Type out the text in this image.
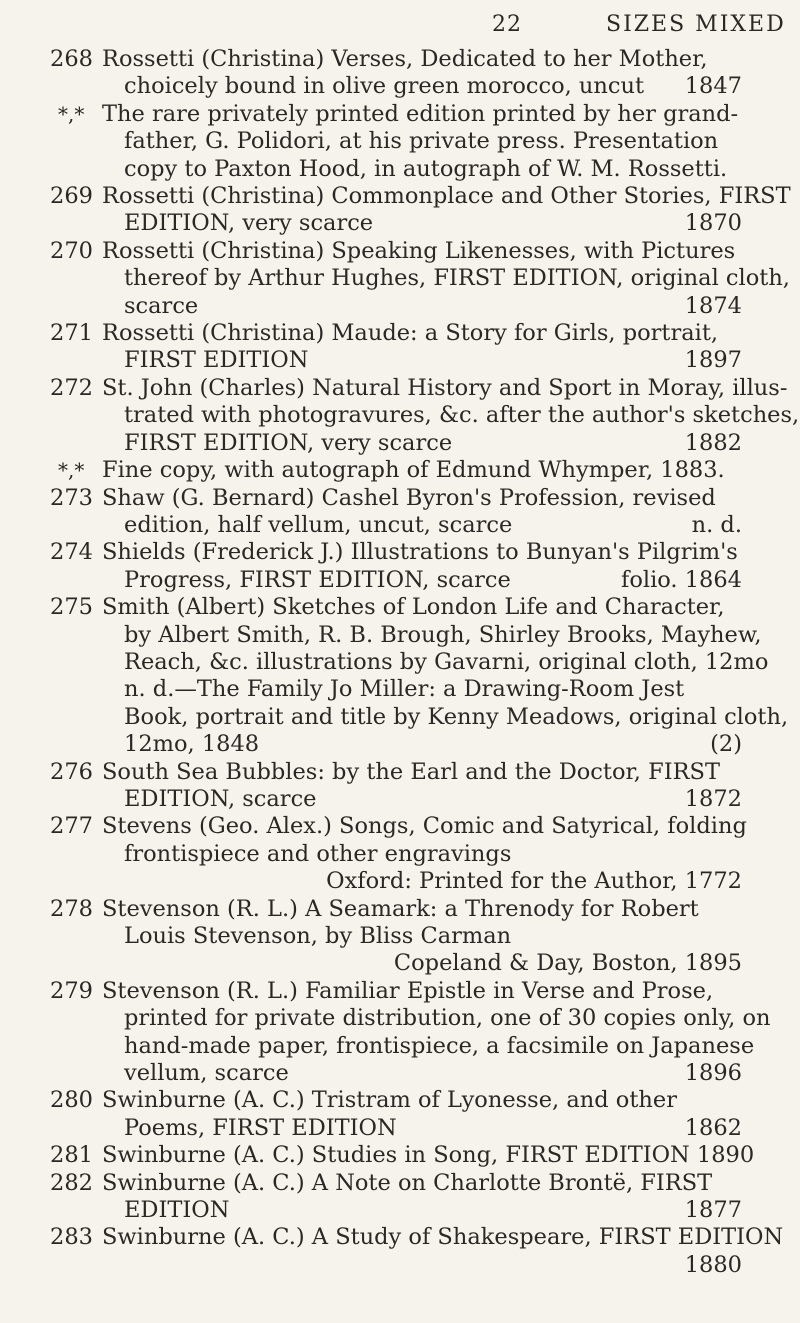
22	SIZES MIXED
268 Rossetti (Christina) Verses, Dedicated to her Mother,
choicely bound in olive green morocco, uncut 1847
*,* The rare privately printed edition printed by her grand-
father, G. Polidori, at his private press. Presentation
copy to Paxton Hood, in autograph of W. M. Rossetti.
269 Rossetti (Christina) Commonplace and Other Stories, FIRST
EDITION, very scarce	1870
270 Rossetti (Christina) Speaking Likenesses, with Pictures
thereof by Arthur Hughes, FIRST EDITION, original cloth,
scarce	1874
271 Rossetti (Christina) Maude: a Story for Girls, portrait,
FIRST EDITION	1897
272 St. John (Charles) Natural History and Sport in Moray, illus-
trated with photogravures, &c. after the author's sketches,
FIRST EDITION, very scarce	1882
*,* Fine copy, with autograph of Edmund Whymper, 1883.
273 Shaw (G. Bernard) Cashel Byron's Profession, revised
edition, half vellum, uncut, scarce	n. d.
274 Shields (Frederick J.) Illustrations to Bunyan's Pilgrim's
Progress, FIRST EDITION, scarce	folio. 1864
275 Smith (Albert) Sketches of London Life and Character,
by Albert Smith, R. B. Brough, Shirley Brooks, Mayhew,
Reach, &c. illustrations by Gavarni, original cloth, 12mo
n. d.—The Family Jo Miller: a Drawing-Room Jest
Book, portrait and title by Kenny Meadows, original cloth,
12mo, 1848	(2)
276 South Sea Bubbles: by the Earl and the Doctor, FIRST
EDITION, scarce	1872
277 Stevens (Geo. Alex.) Songs, Comic and Satyrical, folding
frontispiece and other engravings
Oxford: Printed for the Author, 1772
278 Stevenson (R. L.) A Seamark: a Threnody for Robert
Louis Stevenson, by Bliss Carman
Copeland & Day, Boston, 1895
279 Stevenson (R. L.) Familiar Epistle in Verse and Prose,
printed for private distribution, one of 30 copies only, on
hand-made paper, frontispiece, a facsimile on Japanese
vellum, scarce	1896
280 Swinburne (A. C.) Tristram of Lyonesse, and other
Poems, FIRST EDITION	1862
281 Swinburne (A. C.) Studies in Song, FIRST EDITION 1890
282 Swinburne (A. C.) A Note on Charlotte Brontë, FIRST
EDITION	1877
283 Swinburne (A. C.) A Study of Shakespeare, FIRST EDITION
1880
